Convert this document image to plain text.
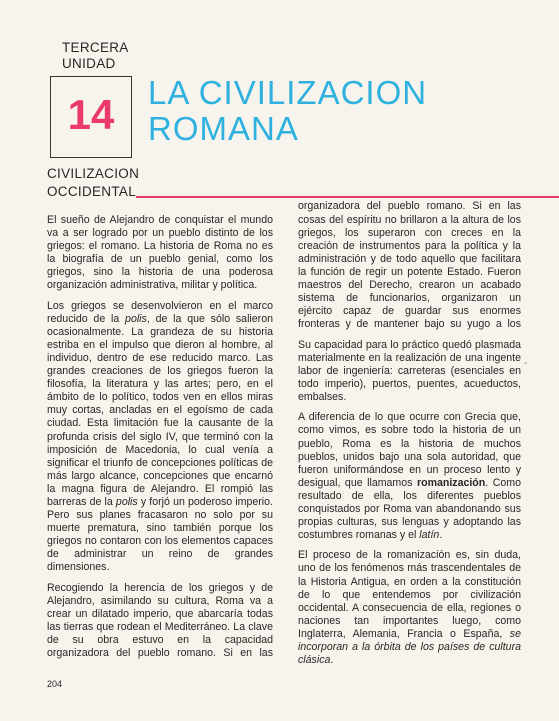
TERCERA
UNIDAD
14	LA CIVILIZACION
ROMANA
CIVILIZACION
OCCIDENTAL

El sueño de Alejandro de conquistar el mundo va a ser logrado por un pueblo distinto de los griegos: el romano. La historia de Roma no es la biografía de un pueblo genial, como los griegos, sino la historia de una poderosa organización administrativa, militar y política.

Los griegos se desenvolvieron en el marco reducido de la polis, de la que sólo salieron ocasionalmente. La grandeza de su historia estriba en el impulso que dieron al hombre, al individuo, dentro de ese reducido marco. Las grandes creaciones de los griegos fueron la filosofía, la literatura y las artes; pero, en el ámbito de lo político, todos ven en ellos miras muy cortas, ancladas en el egoísmo de cada ciudad. Esta limitación fue la causante de la profunda crisis del siglo IV, que terminó con la imposición de Macedonia, lo cual venía a significar el triunfo de concepciones políticas de más largo alcance, concepciones que encarnó la magna figura de Alejandro. El rompió las barreras de la polis y forjó un poderoso imperio. Pero sus planes fracasaron no solo por su muerte prematura, sino también porque los griegos no contaron con los elementos capaces de administrar un reino de grandes dimensiones.

Recogiendo la herencia de los griegos y de Alejandro, asimilando su cultura, Roma va a crear un dilatado imperio, que abarcaría todas las tierras que rodean el Mediterráneo. La clave de su obra estuvo en la capacidad organizadora del pueblo romano. Si en las

organizadora del pueblo romano. Si en las cosas del espíritu no brillaron a la altura de los griegos, los superaron con creces en la creación de instrumentos para la política y la administración y de todo aquello que facilitara la función de regir un potente Estado. Fueron maestros del Derecho, crearon un acabado sistema de funcionarios, organizaron un ejército capaz de guardar sus enormes fronteras y de mantener bajo su yugo a los

Su capacidad para lo práctico quedó plasmada materialmente en la realización de una ingente labor de ingeniería: carreteras (esenciales en todo imperio), puertos, puentes, acueductos, embalses.

A diferencia de lo que ocurre con Grecia que, como vimos, es sobre todo la historia de un pueblo, Roma es la historia de muchos pueblos, unidos bajo una sola autoridad, que fueron uniformándose en un proceso lento y desigual, que llamamos romanización. Como resultado de ella, los diferentes pueblos conquistados por Roma van abandonando sus propias culturas, sus lenguas y adoptando las costumbres romanas y el latín.

El proceso de la romanización es, sin duda, uno de los fenómenos más trascendentales de la Historia Antigua, en orden a la constitución de lo que entendemos por civilización occidental. A consecuencia de ella, regiones o naciones tan importantes luego, como Inglaterra, Alemania, Francia o España, se incorporan a la órbita de los países de cultura clásica.

-
204
